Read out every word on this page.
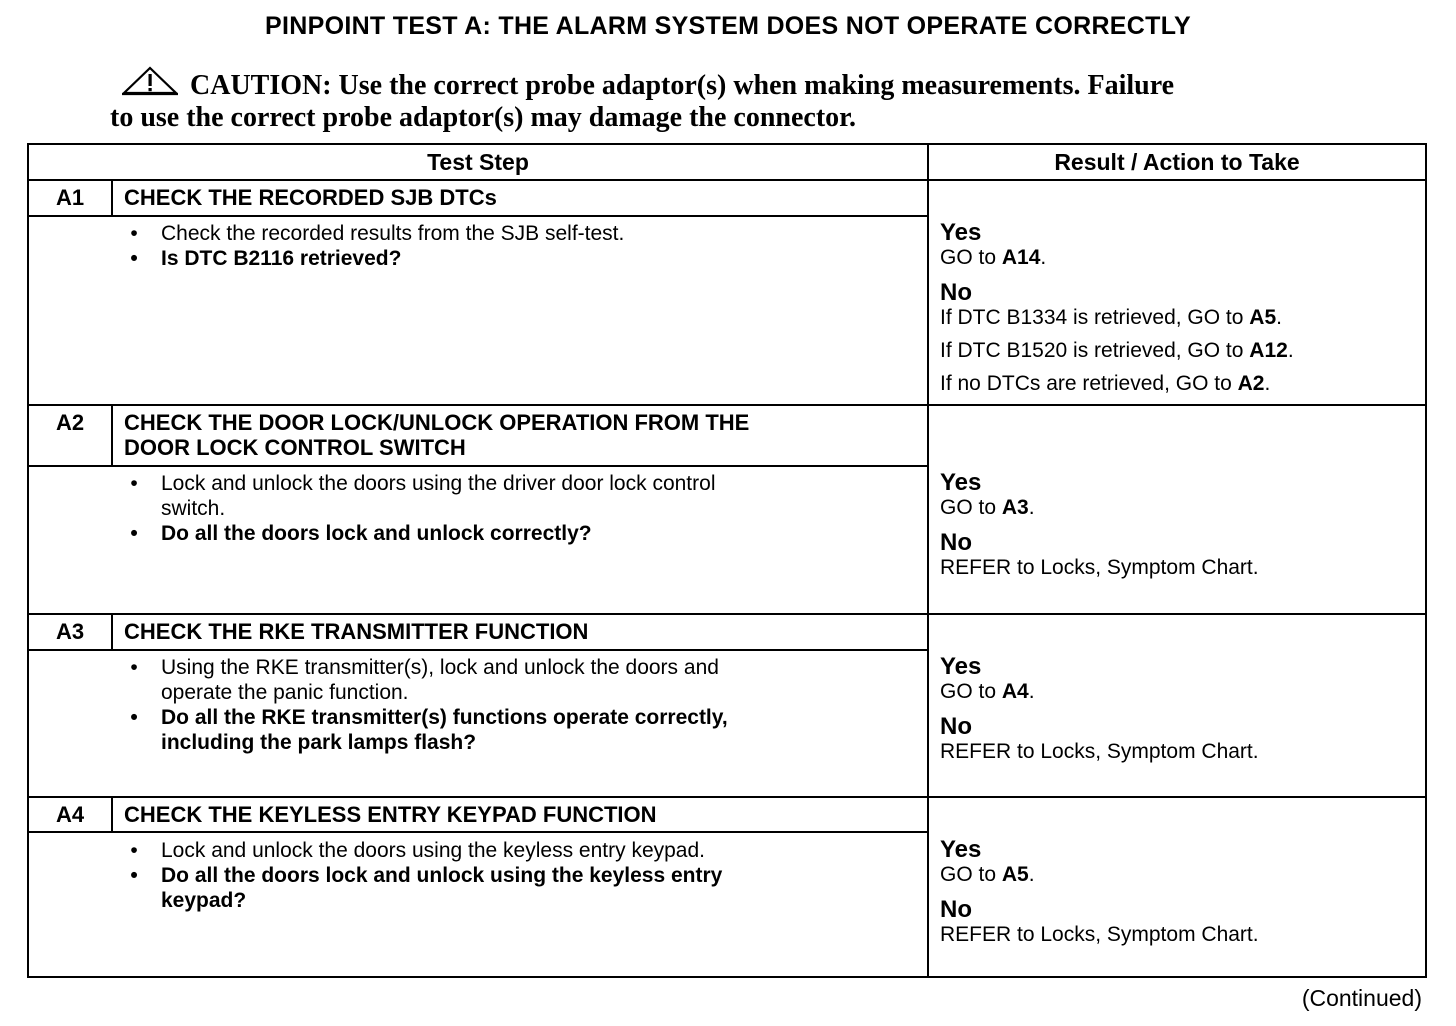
PINPOINT TEST A: THE ALARM SYSTEM DOES NOT OPERATE CORRECTLY
CAUTION: Use the correct probe adaptor(s) when making measurements. Failure
to use the correct probe adaptor(s) may damage the connector.
Test Step	Result / Action to Take
A1	CHECK THE RECORDED SJB DTCs
•	Check the recorded results from the SJB self-test.
•	Is DTC B2116 retrieved?
Yes
GO to A14.
No
If DTC B1334 is retrieved, GO to A5.
If DTC B1520 is retrieved, GO to A12.
If no DTCs are retrieved, GO to A2.
A2	CHECK THE DOOR LOCK/UNLOCK OPERATION FROM THE
DOOR LOCK CONTROL SWITCH
•	Lock and unlock the doors using the driver door lock control
switch.
•	Do all the doors lock and unlock correctly?
Yes
GO to A3.
No
REFER to Locks, Symptom Chart.
A3	CHECK THE RKE TRANSMITTER FUNCTION
•	Using the RKE transmitter(s), lock and unlock the doors and
operate the panic function.
•	Do all the RKE transmitter(s) functions operate correctly,
including the park lamps flash?
Yes
GO to A4.
No
REFER to Locks, Symptom Chart.
A4	CHECK THE KEYLESS ENTRY KEYPAD FUNCTION
•	Lock and unlock the doors using the keyless entry keypad.
•	Do all the doors lock and unlock using the keyless entry
keypad?
Yes
GO to A5.
No
REFER to Locks, Symptom Chart.
(Continued)
